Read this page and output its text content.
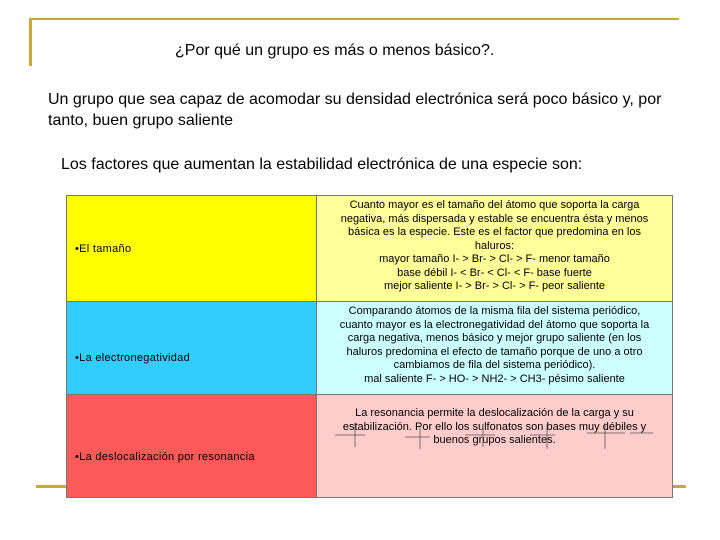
¿Por qué un grupo es más o menos básico?.
Un grupo que sea capaz de acomodar su densidad electrónica será poco básico y, por tanto, buen grupo saliente
Los factores que aumentan la estabilidad electrónica de una especie son:
•El tamaño
Cuanto mayor es el tamaño del átomo que soporta la carga
negativa, más dispersada y estable se encuentra ésta y menos
básica es la especie. Este es el factor que predomina en los
haluros:
mayor tamaño I- > Br- > Cl- > F- menor tamaño
base débil I- < Br- < Cl- < F- base fuerte
mejor saliente I- > Br- > Cl- > F- peor saliente
•La electronegatividad
Comparando átomos de la misma fila del sistema periódico,
cuanto mayor es la electronegatividad del átomo que soporta la
carga negativa, menos básico y mejor grupo saliente (en los
haluros predomina el efecto de tamaño porque de uno a otro
cambiamos de fila del sistema periódico).
mal saliente F- > HO- > NH2- > CH3- pésimo saliente
•La deslocalización por resonancia
La resonancia permite la deslocalización de la carga y su
estabilización. Por ello los sulfonatos son bases muy débiles y
buenos grupos salientes.
